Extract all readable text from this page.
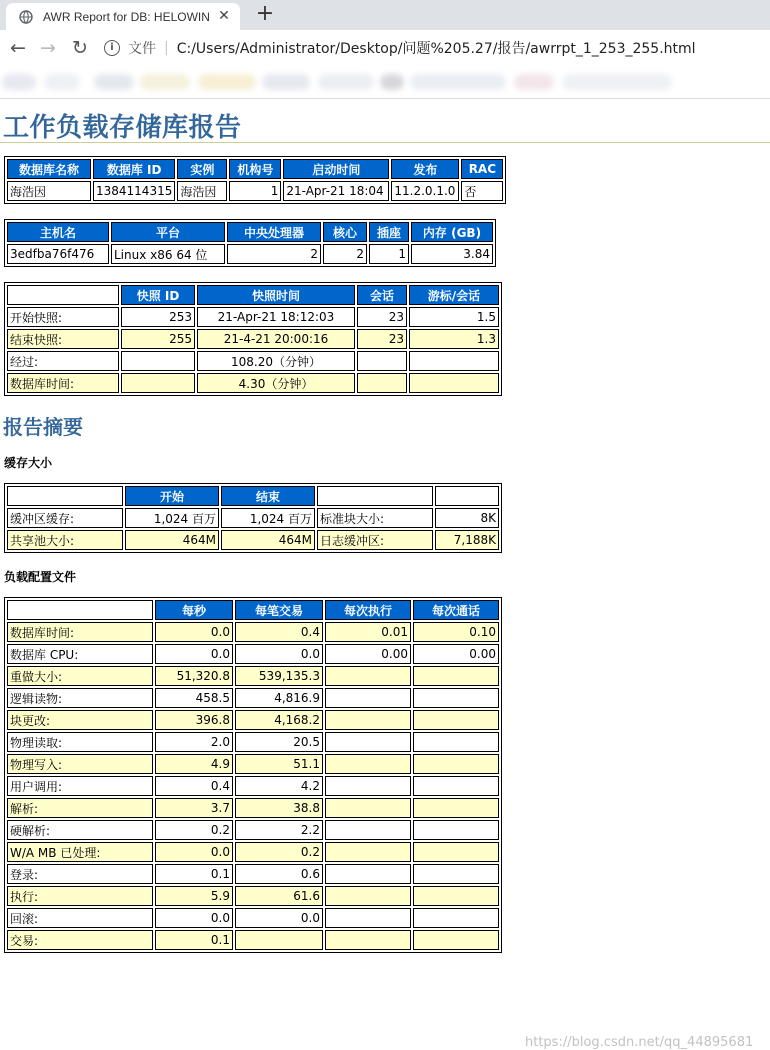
AWR Report for DB: HELOWIN ✕ +
← → ↻	i	文件 | C:/Users/Administrator/Desktop/问题%205.27/报告/awrrpt_1_253_255.html
工作负载存储库报告
数据库名称	数据库 ID	实例	机构号	启动时间	发布	RAC
海浩因	1384114315	海浩因	1	21-Apr-21 18:04	11.2.0.1.0	否
主机名	平台	中央处理器	核心	插座	内存 (GB)
3edfba76f476	Linux x86 64 位	2	2	1	3.84
	快照 ID	快照时间	会话	游标/会话
开始快照:	253	21-Apr-21 18:12:03	23	1.5
结束快照:	255	21-4-21 20:00:16	23	1.3
经过:		108.20（分钟）		
数据库时间:		4.30（分钟）		
报告摘要
缓存大小
	开始	结束		
缓冲区缓存:	1,024 百万	1,024 百万	标准块大小:	8K
共享池大小:	464M	464M	日志缓冲区:	7,188K
负载配置文件
	每秒	每笔交易	每次执行	每次通话
数据库时间:	0.0	0.4	0.01	0.10
数据库 CPU:	0.0	0.0	0.00	0.00
重做大小:	51,320.8	539,135.3		
逻辑读物:	458.5	4,816.9		
块更改:	396.8	4,168.2		
物理读取:	2.0	20.5		
物理写入:	4.9	51.1		
用户调用:	0.4	4.2		
解析:	3.7	38.8		
硬解析:	0.2	2.2		
W/A MB 已处理:	0.0	0.2		
登录:	0.1	0.6		
执行:	5.9	61.6		
回滚:	0.0	0.0		
交易:	0.1			
https://blog.csdn.net/qq_44895681
